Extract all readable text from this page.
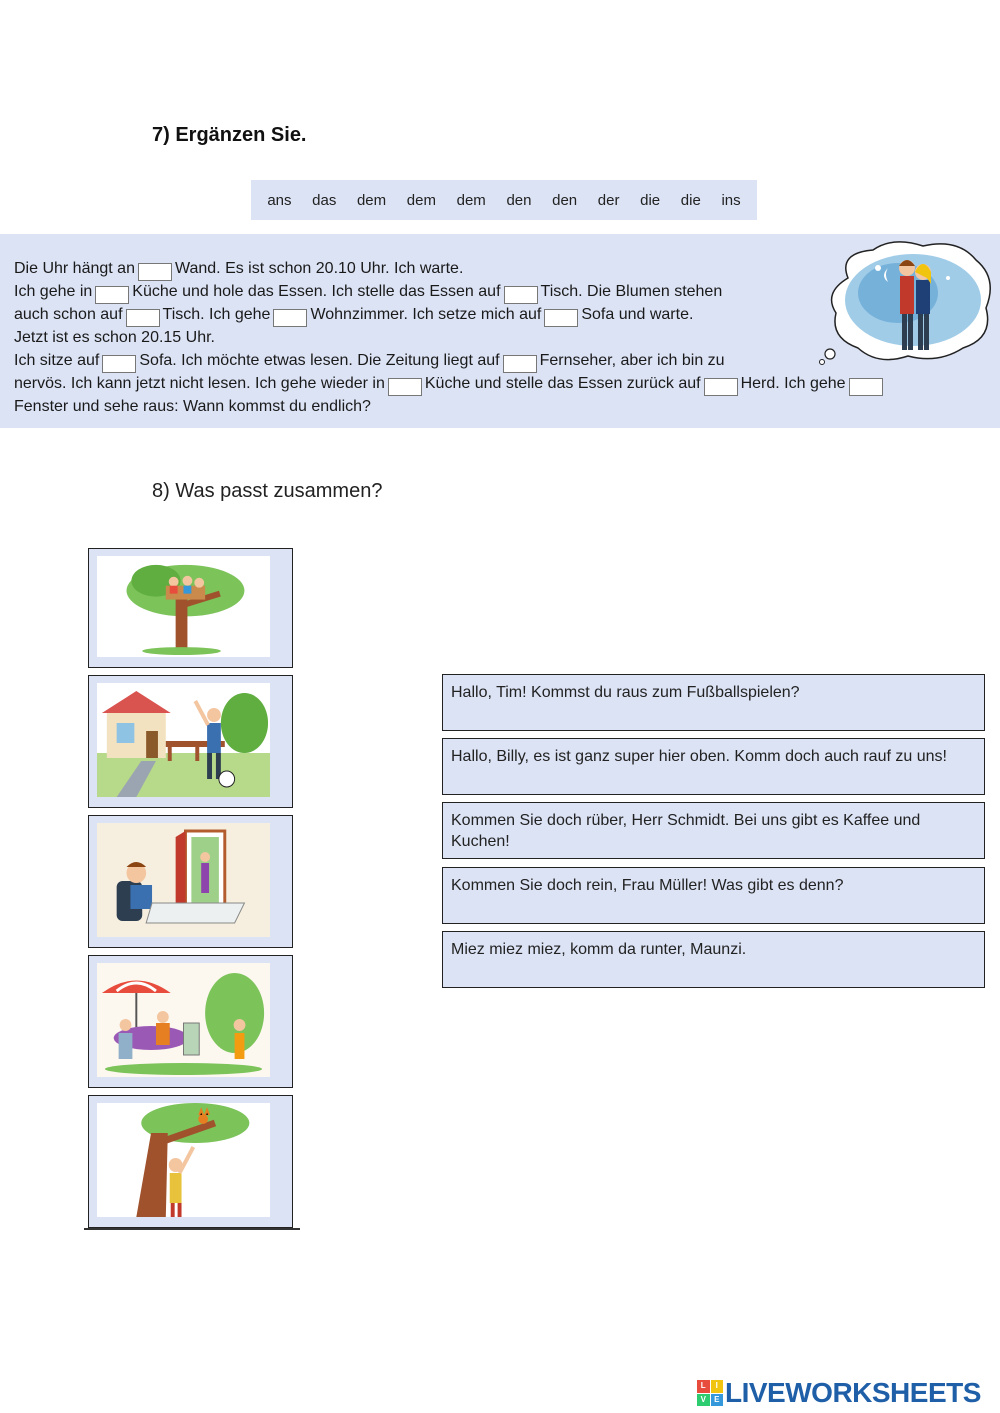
7) Ergänzen Sie.
ans das dem dem dem den den der die die ins
Die Uhr hängt an	Wand. Es ist schon 20.10 Uhr. Ich warte.
Ich gehe in	Küche und hole das Essen. Ich stelle das Essen auf	Tisch. Die Blumen stehen
auch schon auf	Tisch. Ich gehe	Wohnzimmer. Ich setze mich auf	Sofa und warte.
Jetzt ist es schon 20.15 Uhr.
Ich sitze auf	Sofa. Ich möchte etwas lesen. Die Zeitung liegt auf	Fernseher, aber ich bin zu
nervös. Ich kann jetzt nicht lesen. Ich gehe wieder in	Küche und stelle das Essen zurück auf	Herd. Ich gehe
Fenster und sehe raus: Wann kommst du endlich?
8) Was passt zusammen?
Hallo, Tim! Kommst du raus zum Fußballspielen?
Hallo, Billy, es ist ganz super hier oben. Komm doch auch rauf zu uns!
Kommen Sie doch rüber, Herr Schmidt. Bei uns gibt es Kaffee und Kuchen!
Kommen Sie doch rein, Frau Müller! Was gibt es denn?
Miez miez miez, komm da runter, Maunzi.
L	I
V	E LIVEWORKSHEETS
